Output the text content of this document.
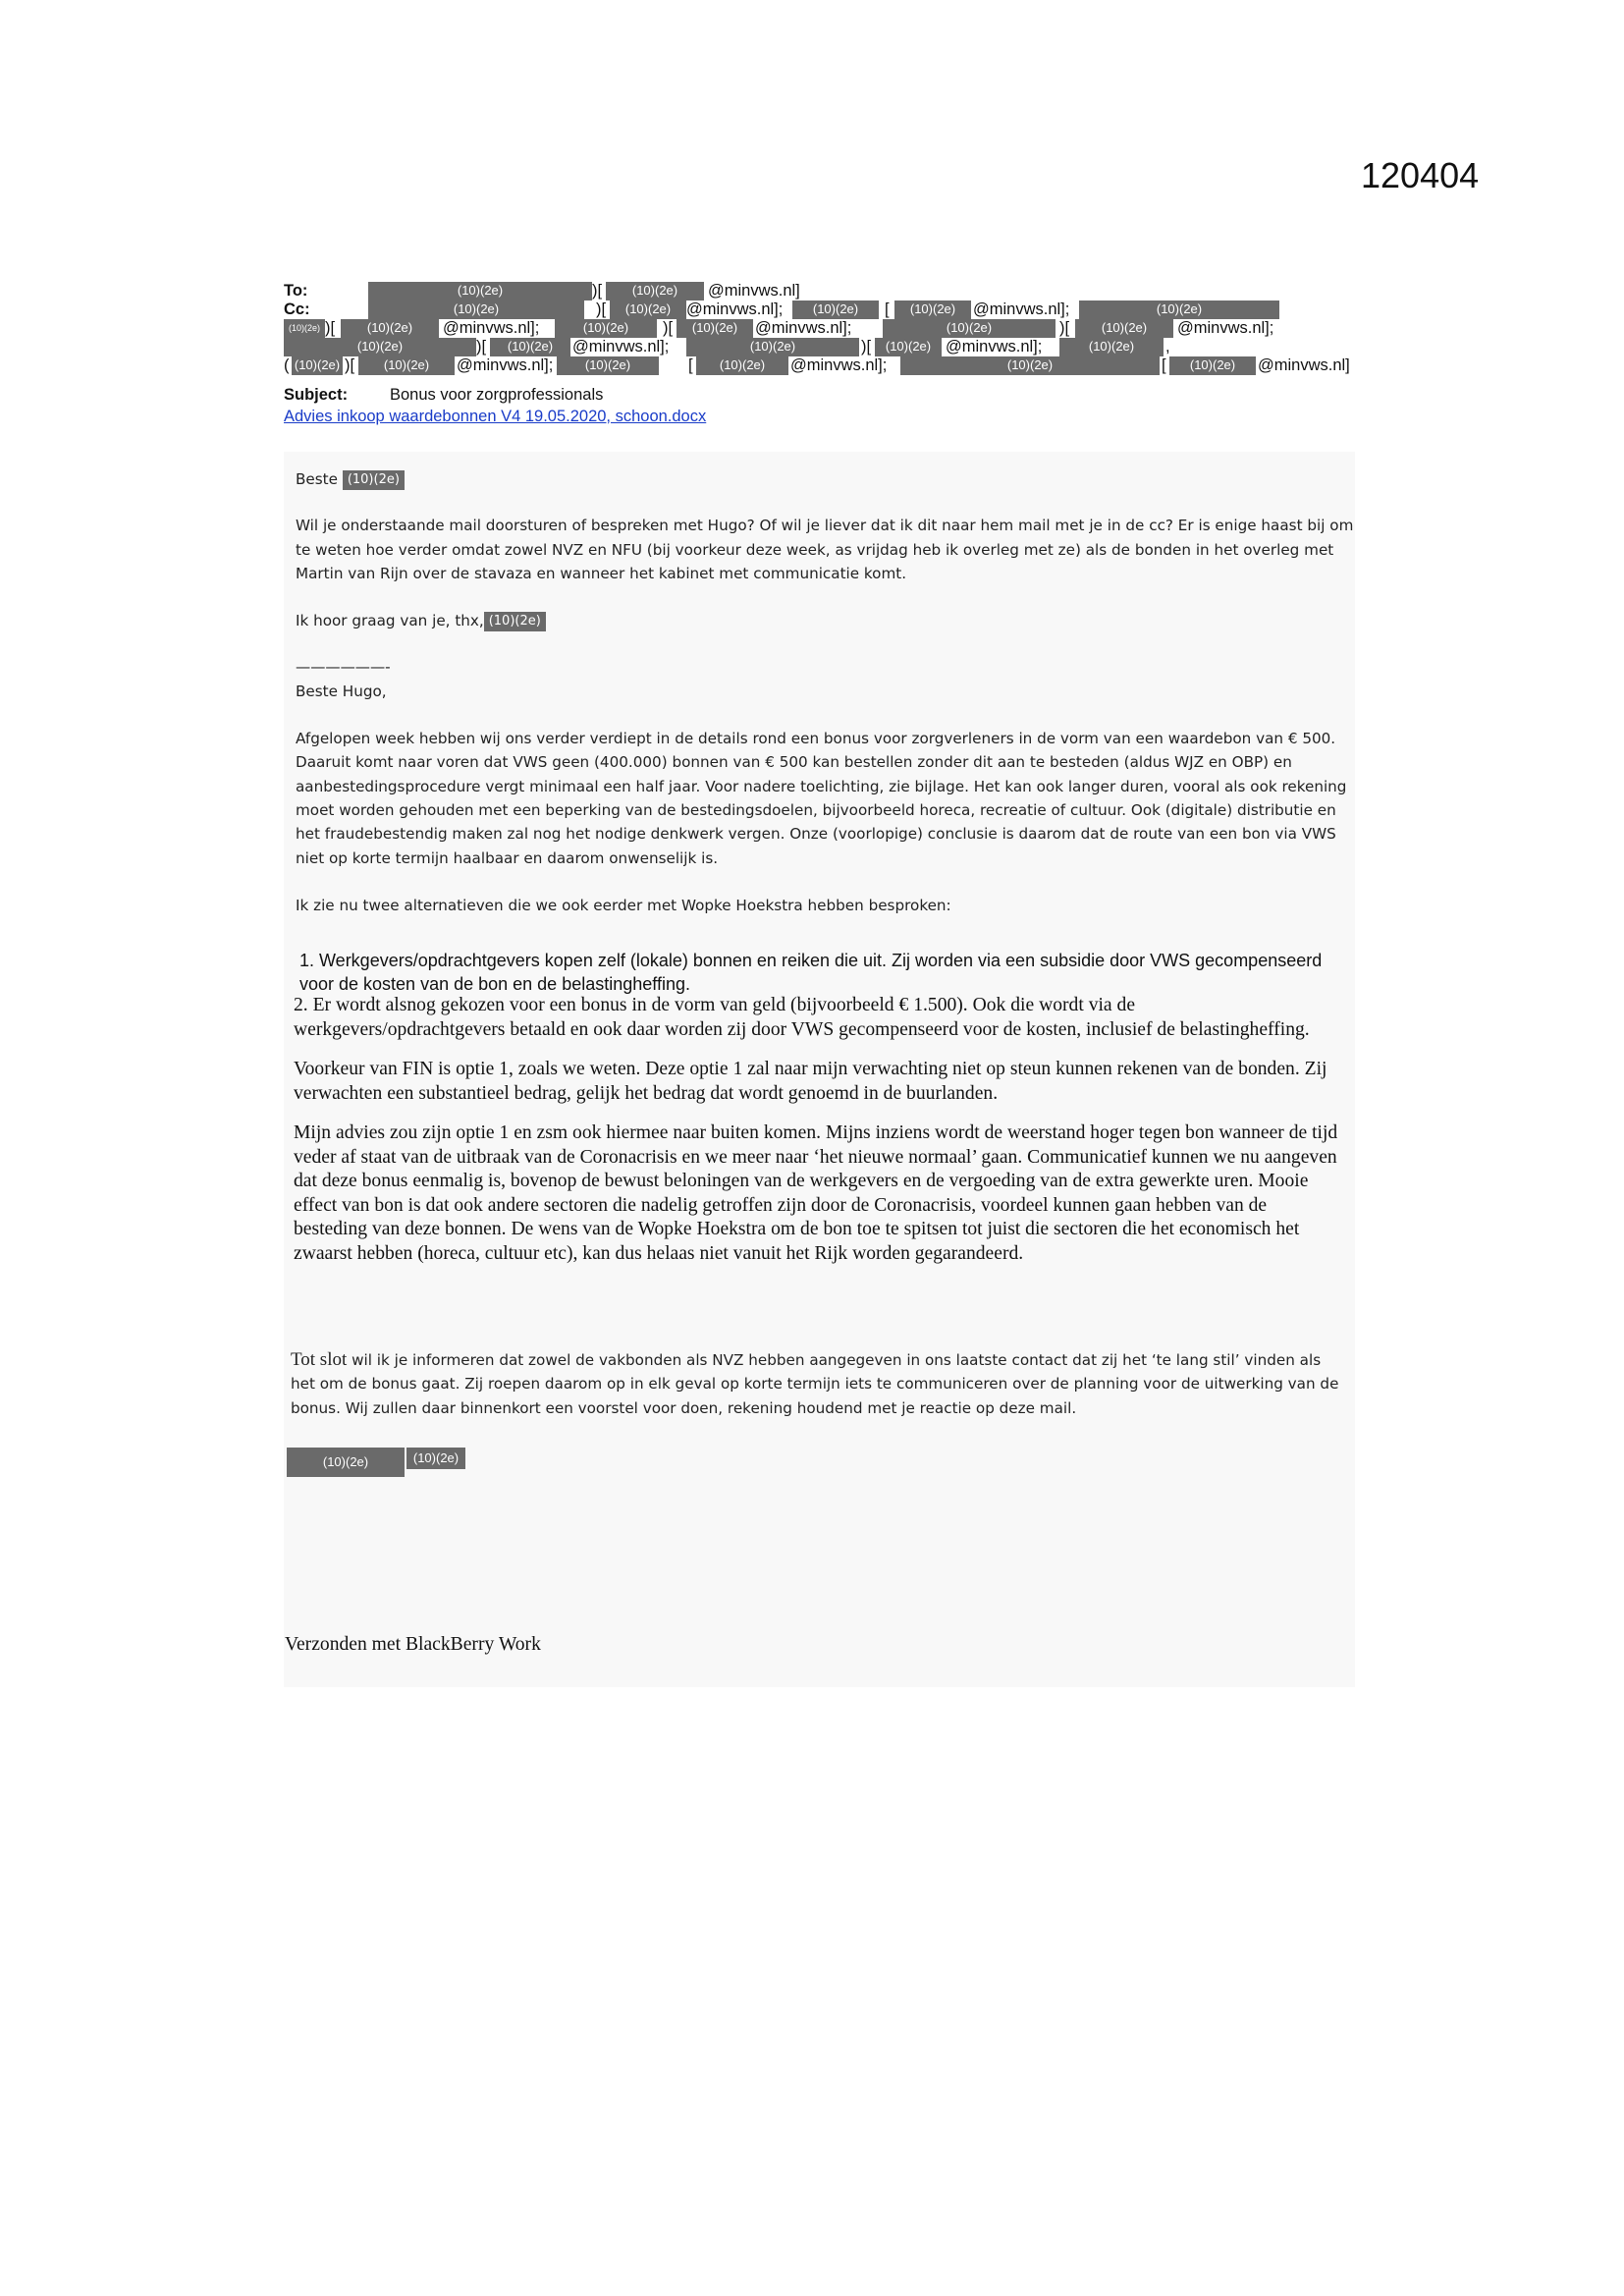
120404
To:	(10)(2e)	)[	(10)(2e)	@minvws.nl]
Cc:	(10)(2e)	)[	(10)(2e) @minvws.nl];	(10)(2e)	[	(10)(2e)	@minvws.nl];	(10)(2e)
(10)(2e) )[	(10)(2e)	@minvws.nl];	(10)(2e)	)[	(10)(2e)	@minvws.nl];	(10)(2e)	)[	(10)(2e)	@minvws.nl];
(10)(2e)	)[	(10)(2e)	@minvws.nl];	(10)(2e)	)[	(10)(2e) @minvws.nl];	(10)(2e)	,
( (10)(2e) )[	(10)(2e)	@minvws.nl];	(10)(2e)	[	(10)(2e)	@minvws.nl];	(10)(2e)	[	(10)(2e)	@minvws.nl]
Subject:	Bonus voor zorgprofessionals
Advies inkoop waardebonnen V4 19.05.2020, schoon.docx

Beste (10)(2e)

Wil je onderstaande mail doorsturen of bespreken met Hugo? Of wil je liever dat ik dit naar hem mail met je in de cc? Er is enige haast bij om te weten hoe verder omdat zowel NVZ en NFU (bij voorkeur deze week, as vrijdag heb ik overleg met ze) als de bonden in het overleg met Martin van Rijn over de stavaza en wanneer het kabinet met communicatie komt.

Ik hoor graag van je, thx, (10)(2e)

——————-

Beste Hugo,

Afgelopen week hebben wij ons verder verdiept in de details rond een bonus voor zorgverleners in de vorm van een waardebon van € 500. Daaruit komt naar voren dat VWS geen (400.000) bonnen van € 500 kan bestellen zonder dit aan te besteden (aldus WJZ en OBP) en aanbestedingsprocedure vergt minimaal een half jaar. Voor nadere toelichting, zie bijlage. Het kan ook langer duren, vooral als ook rekening moet worden gehouden met een beperking van de bestedingsdoelen, bijvoorbeeld horeca, recreatie of cultuur. Ook (digitale) distributie en het fraudebestendig maken zal nog het nodige denkwerk vergen. Onze (voorlopige) conclusie is daarom dat de route van een bon via VWS niet op korte termijn haalbaar en daarom onwenselijk is.

Ik zie nu twee alternatieven die we ook eerder met Wopke Hoekstra hebben besproken:

1. Werkgevers/opdrachtgevers kopen zelf (lokale) bonnen en reiken die uit. Zij worden via een subsidie door VWS gecompenseerd voor de kosten van de bon en de belastingheffing.

2. Er wordt alsnog gekozen voor een bonus in de vorm van geld (bijvoorbeeld € 1.500). Ook die wordt via de werkgevers/opdrachtgevers betaald en ook daar worden zij door VWS gecompenseerd voor de kosten, inclusief de belastingheffing.

Voorkeur van FIN is optie 1, zoals we weten. Deze optie 1 zal naar mijn verwachting niet op steun kunnen rekenen van de bonden. Zij verwachten een substantieel bedrag, gelijk het bedrag dat wordt genoemd in de buurlanden.

Mijn advies zou zijn optie 1 en zsm ook hiermee naar buiten komen. Mijns inziens wordt de weerstand hoger tegen bon wanneer de tijd veder af staat van de uitbraak van de Coronacrisis en we meer naar ‘het nieuwe normaal’ gaan. Communicatief kunnen we nu aangeven dat deze bonus eenmalig is, bovenop de bewust beloningen van de werkgevers en de vergoeding van de extra gewerkte uren. Mooie effect van bon is dat ook andere sectoren die nadelig getroffen zijn door de Coronacrisis, voordeel kunnen gaan hebben van de besteding van deze bonnen. De wens van de Wopke Hoekstra om de bon toe te spitsen tot juist die sectoren die het economisch het zwaarst hebben (horeca, cultuur etc), kan dus helaas niet vanuit het Rijk worden gegarandeerd.

Tot slot wil ik je informeren dat zowel de vakbonden als NVZ hebben aangegeven in ons laatste contact dat zij het ‘te lang stil’ vinden als het om de bonus gaat. Zij roepen daarom op in elk geval op korte termijn iets te communiceren over de planning voor de uitwerking van de bonus. Wij zullen daar binnenkort een voorstel voor doen, rekening houdend met je reactie op deze mail.

(10)(2e)	(10)(2e)
Verzonden met BlackBerry Work
